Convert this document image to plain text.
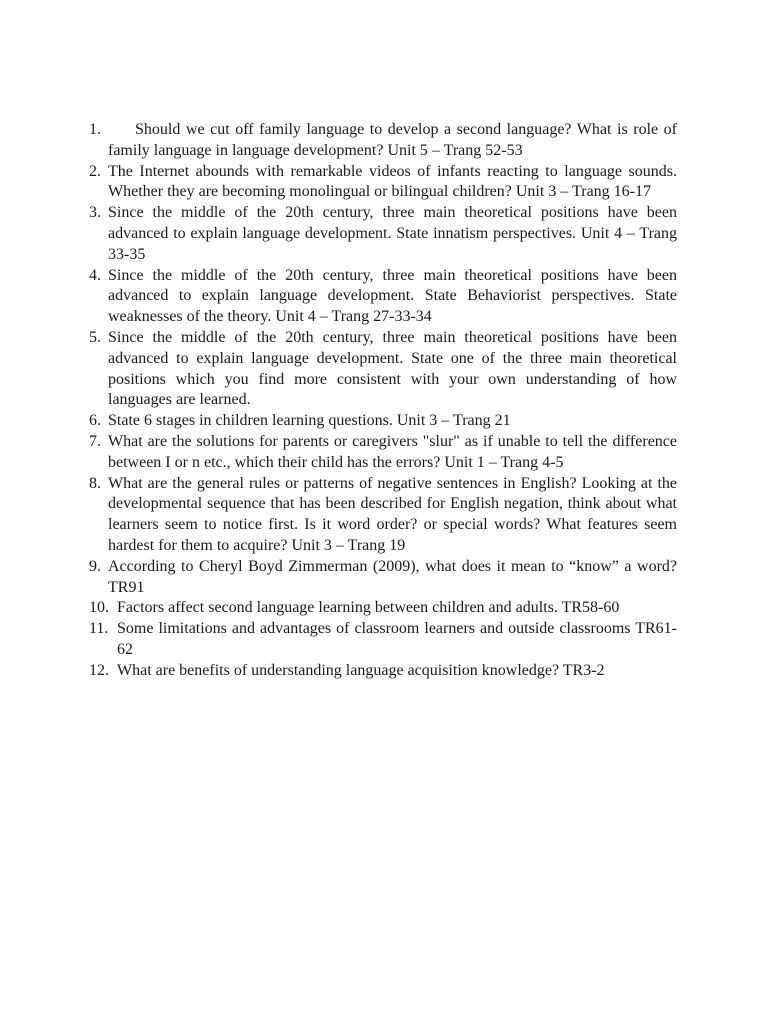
1.	Should we cut off family language to develop a second language? What is role of family language in language development? Unit 5 – Trang 52-53
2. The Internet abounds with remarkable videos of infants reacting to language sounds. Whether they are becoming monolingual or bilingual children? Unit 3 – Trang 16-17
3. Since the middle of the 20th century, three main theoretical positions have been advanced to explain language development. State innatism perspectives. Unit 4 – Trang 33-35
4. Since the middle of the 20th century, three main theoretical positions have been advanced to explain language development. State Behaviorist perspectives. State weaknesses of the theory. Unit 4 – Trang 27-33-34
5. Since the middle of the 20th century, three main theoretical positions have been advanced to explain language development. State one of the three main theoretical positions which you find more consistent with your own understanding of how languages are learned.
6. State 6 stages in children learning questions. Unit 3 – Trang 21
7. What are the solutions for parents or caregivers "slur" as if unable to tell the difference between I or n etc., which their child has the errors? Unit 1 – Trang 4-5
8. What are the general rules or patterns of negative sentences in English? Looking at the developmental sequence that has been described for English negation, think about what learners seem to notice first. Is it word order? or special words? What features seem hardest for them to acquire? Unit 3 – Trang 19
9. According to Cheryl Boyd Zimmerman (2009), what does it mean to “know” a word? TR91
10. Factors affect second language learning between children and adults. TR58-60
11. Some limitations and advantages of classroom learners and outside classrooms TR61-62
12. What are benefits of understanding language acquisition knowledge? TR3-2
